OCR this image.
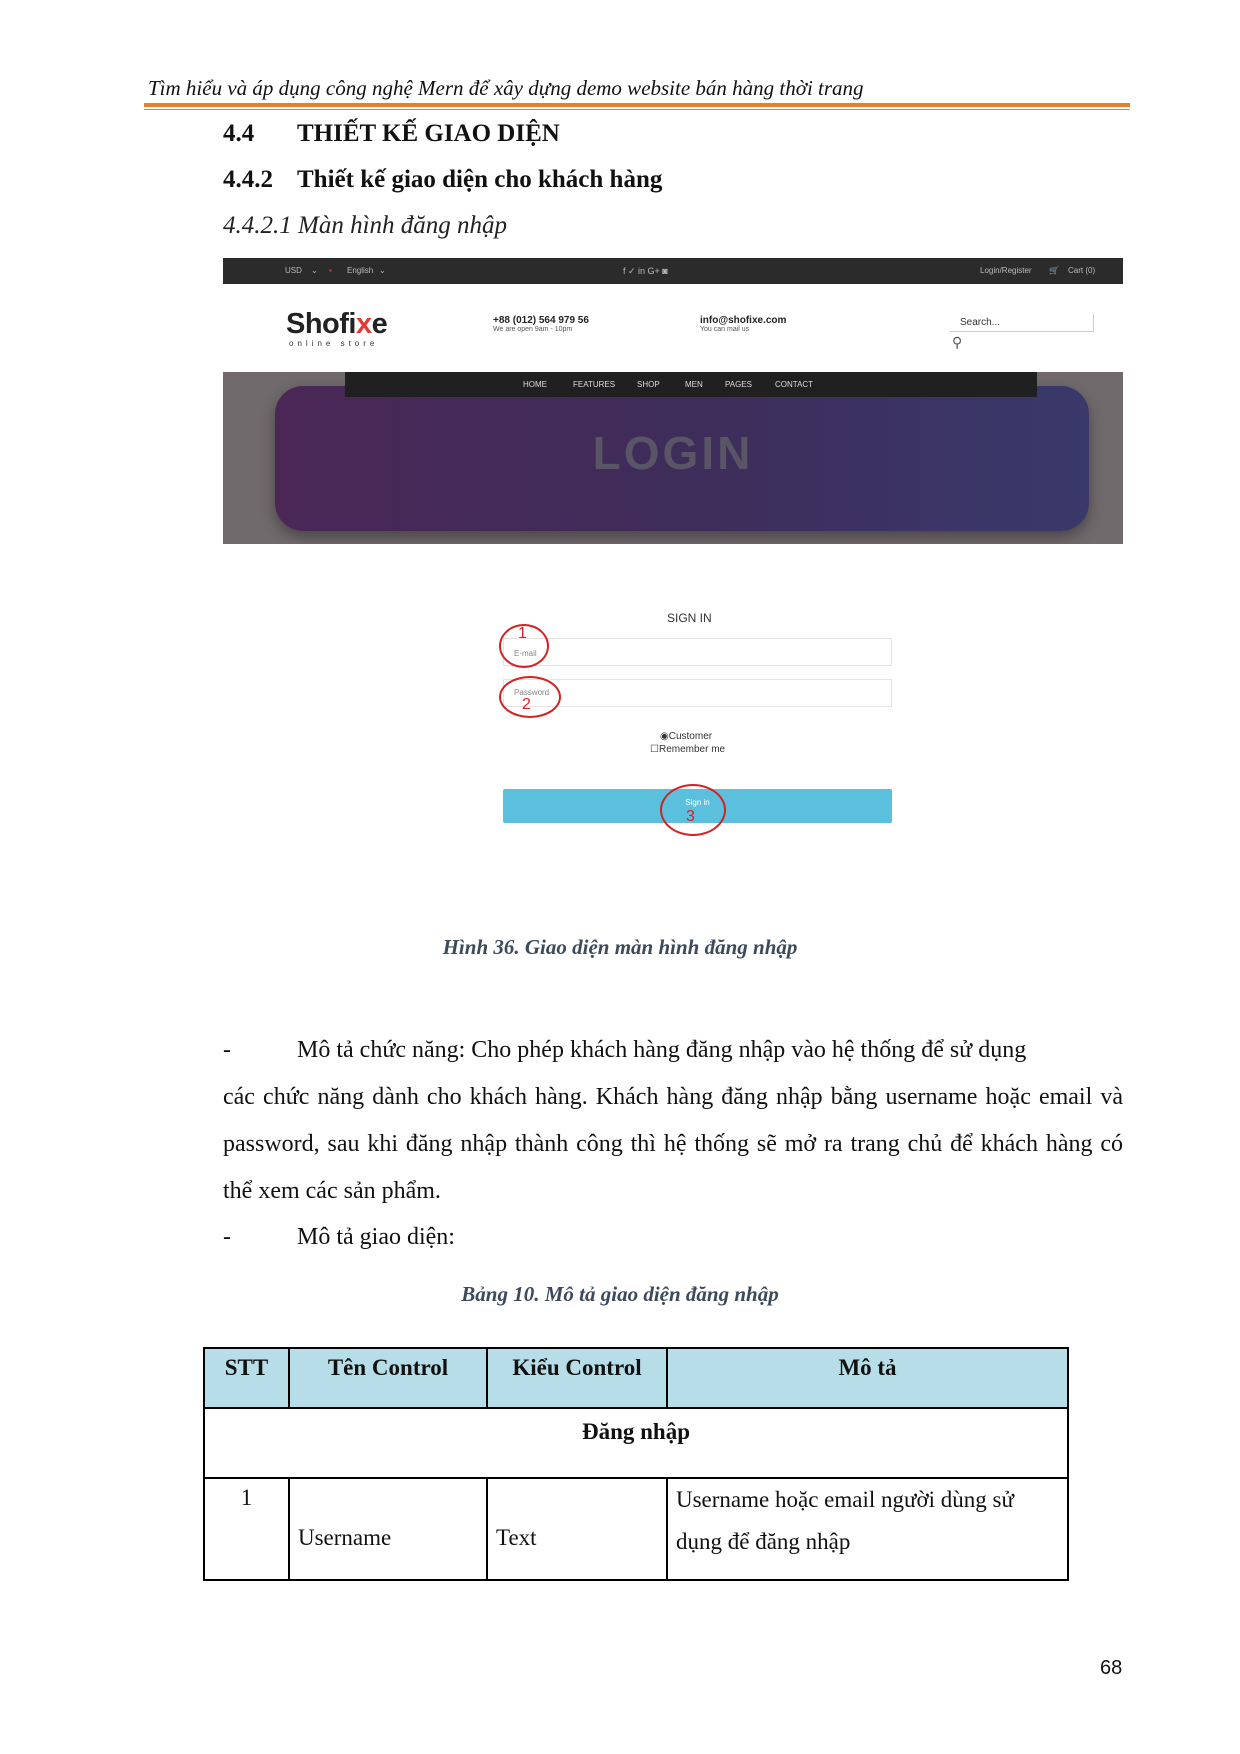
Tìm hiểu và áp dụng công nghệ Mern để xây dựng demo website bán hàng thời trang
4.4 THIẾT KẾ GIAO DIỆN
4.4.2 Thiết kế giao diện cho khách hàng
4.4.2.1 Màn hình đăng nhập
USD ⌄ ▪ English ⌄	f ✓ in G+ ◙	Login/Register 🛒 Cart (0)
Shofixe
online store
+88 (012) 564 979 56
We are open 9am - 10pm
info@shofixe.com
You can mail us
Search...
⚲
HOME	FEATURES	SHOP	MEN	PAGES	CONTACT
LOGIN
SIGN IN
E-mail
1
Password
2
◉Customer
☐Remember me
Sign in
3
Hình 36. Giao diện màn hình đăng nhập
-	Mô tả chức năng: Cho phép khách hàng đăng nhập vào hệ thống để sử dụng
các chức năng dành cho khách hàng. Khách hàng đăng nhập bằng username hoặc email và password, sau khi đăng nhập thành công thì hệ thống sẽ mở ra trang chủ để khách hàng có thể xem các sản phẩm.
-	Mô tả giao diện:
Bảng 10. Mô tả giao diện đăng nhập
STT	Tên Control	Kiểu Control	Mô tả
Đăng nhập			
1	Username	Text	Username hoặc email người dùng sử dụng để đăng nhập
68
